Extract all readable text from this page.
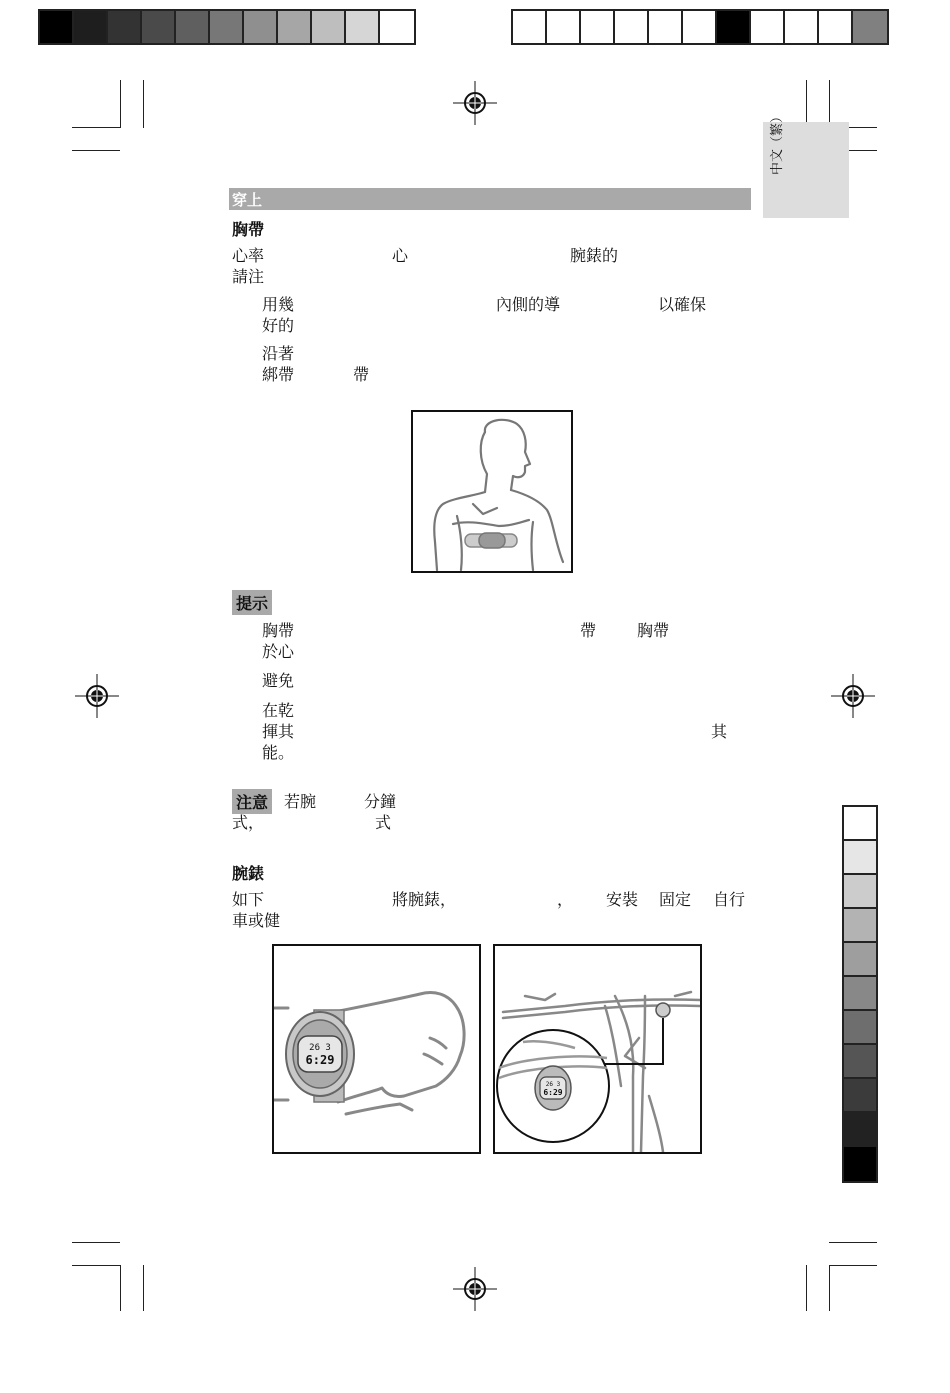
中文（繁）
穿上
胸帶
心率	心	腕錶的
請注
用幾	內側的導	以確保
好的
沿著
綁帶	帶
提示
胸帶	帶	胸帶
於心
避免
在乾
揮其	其
能。
注意 若腕	分鐘
式，	式
腕錶
如下	將腕錶，	， 安裝 固定 自行
車或健
26 3
6:29
26 3
6:29
